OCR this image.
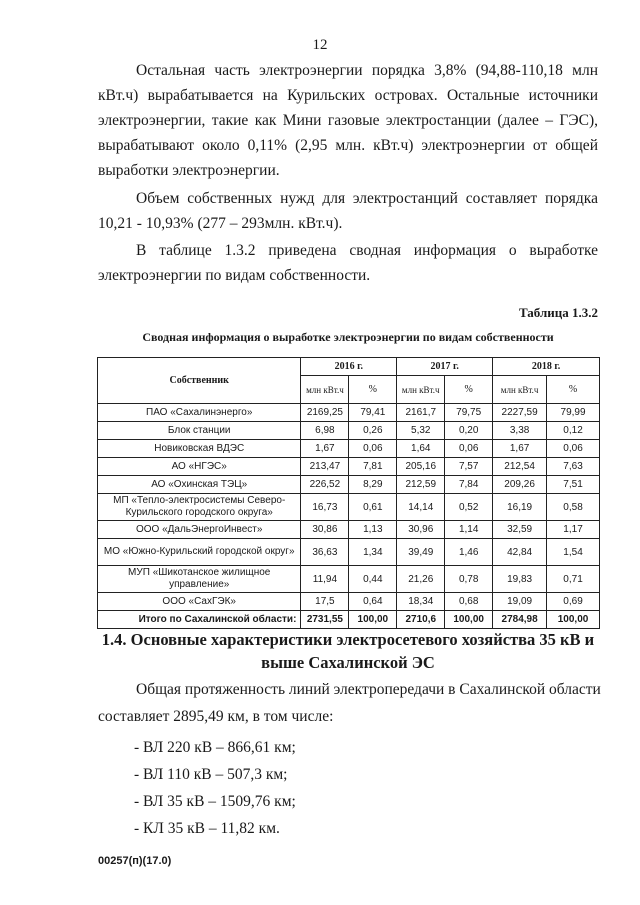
12

Остальная часть электроэнергии порядка 3,8% (94,88-110,18 млн кВт.ч) вырабатывается на Курильских островах. Остальные источники электроэнергии, такие как Мини газовые электростанции (далее – ГЭС), вырабатывают около 0,11% (2,95 млн. кВт.ч) электроэнергии от общей выработки электроэнергии.

Объем собственных нужд для электростанций составляет порядка 10,21 - 10,93% (277 – 293млн. кВт.ч).

В таблице 1.3.2 приведена сводная информация о выработке электроэнергии по видам собственности.

Таблица 1.3.2
Сводная информация о выработке электроэнергии по видам собственности
Собственник	2016 г.		2017 г.		2018 г.	
	млн кВт.ч	%	млн кВт.ч	%	млн кВт.ч	%
ПАО «Сахалинэнерго»	2169,25	79,41	2161,7	79,75	2227,59	79,99
Блок станции	6,98	0,26	5,32	0,20	3,38	0,12
Новиковская ВДЭС	1,67	0,06	1,64	0,06	1,67	0,06
АО «НГЭС»	213,47	7,81	205,16	7,57	212,54	7,63
АО «Охинская ТЭЦ»	226,52	8,29	212,59	7,84	209,26	7,51
МП «Тепло-электросистемы Северо-Курильского городского округа»	16,73	0,61	14,14	0,52	16,19	0,58
ООО «ДальЭнергоИнвест»	30,86	1,13	30,96	1,14	32,59	1,17
МО «Южно-Курильский городской округ»	36,63	1,34	39,49	1,46	42,84	1,54
МУП «Шикотанское жилищное управление»	11,94	0,44	21,26	0,78	19,83	0,71
ООО «СахГЭК»	17,5	0,64	18,34	0,68	19,09	0,69
Итого по Сахалинской области:	2731,55	100,00	2710,6	100,00	2784,98	100,00
1.4. Основные характеристики электросетевого хозяйства 35 кВ и выше Сахалинской ЭС
Общая протяженность линий электропередачи в Сахалинской области
составляет 2895,49 км, в том числе:
- ВЛ 220 кВ – 866,61 км;
- ВЛ 110 кВ – 507,3 км;
- ВЛ 35 кВ – 1509,76 км;
- КЛ 35 кВ – 11,82 км.
00257(п)(17.0)
